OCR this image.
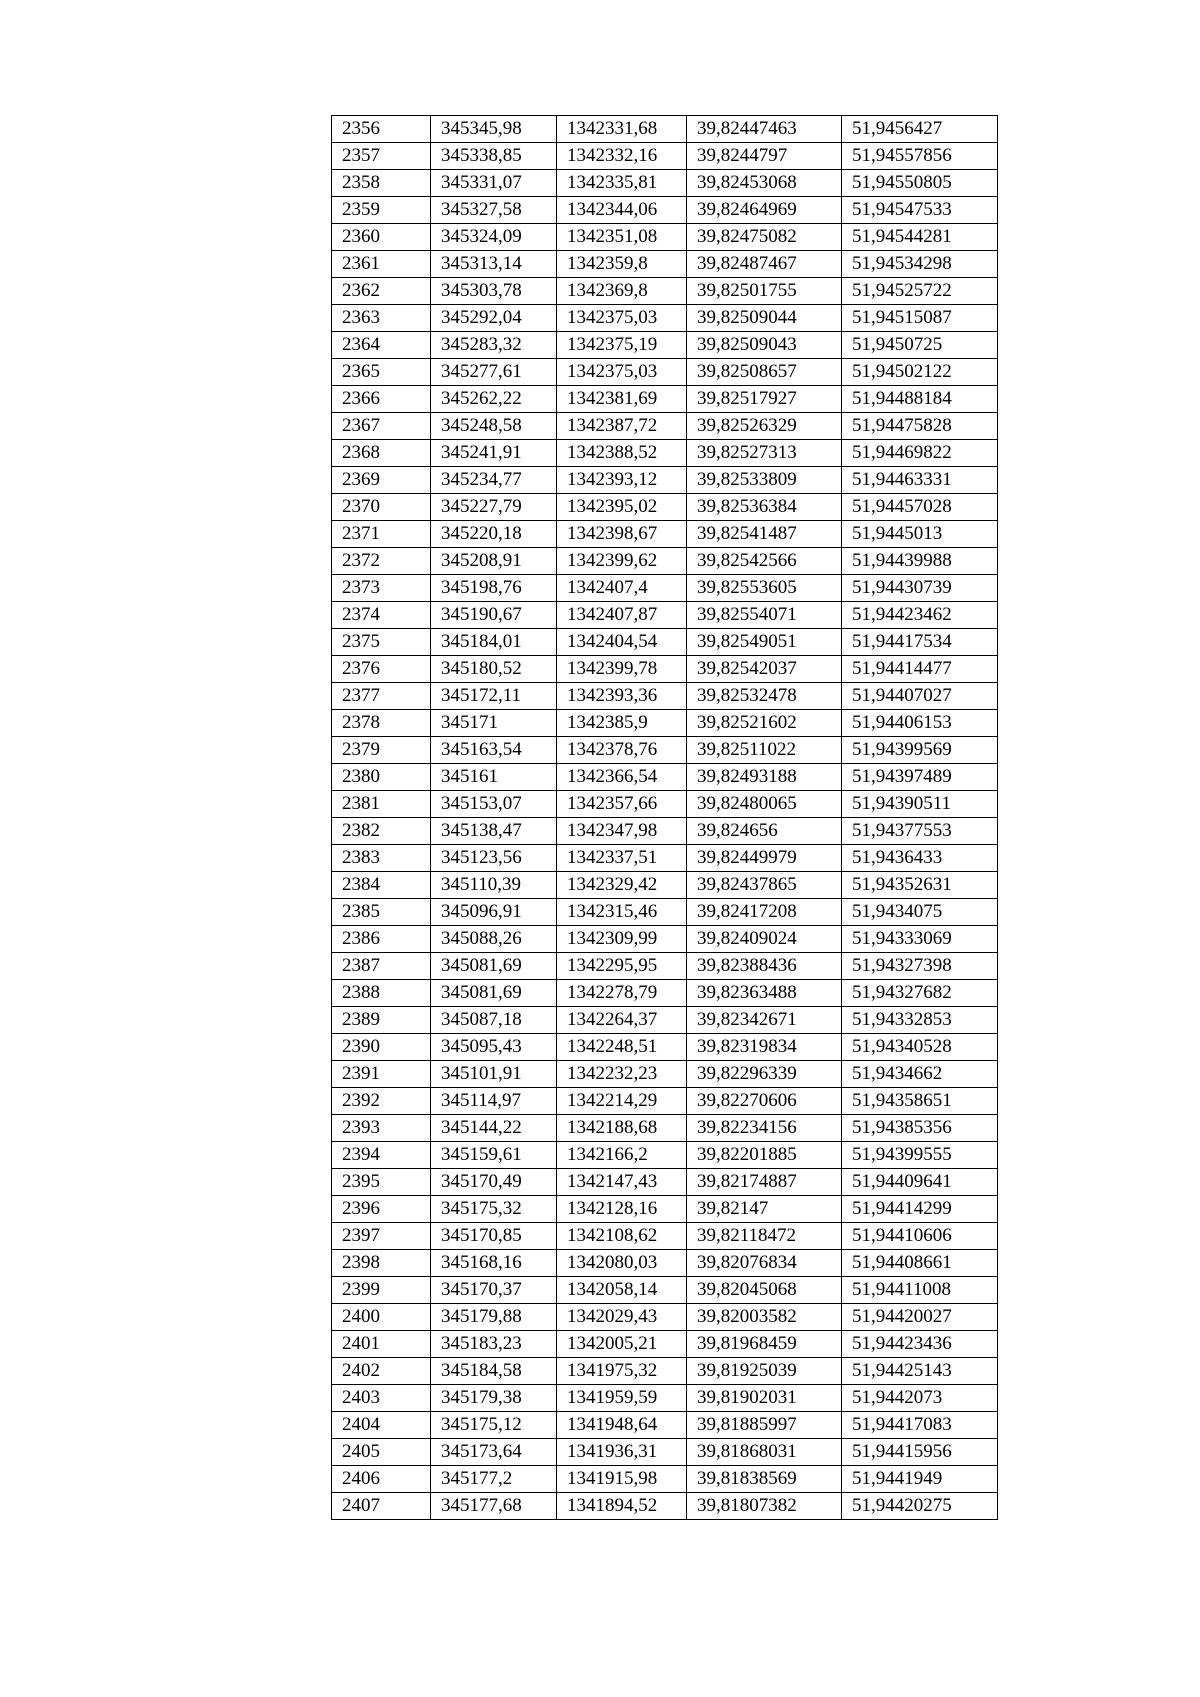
2356	345345,98	1342331,68	39,82447463	51,9456427
2357	345338,85	1342332,16	39,8244797	51,94557856
2358	345331,07	1342335,81	39,82453068	51,94550805
2359	345327,58	1342344,06	39,82464969	51,94547533
2360	345324,09	1342351,08	39,82475082	51,94544281
2361	345313,14	1342359,8	39,82487467	51,94534298
2362	345303,78	1342369,8	39,82501755	51,94525722
2363	345292,04	1342375,03	39,82509044	51,94515087
2364	345283,32	1342375,19	39,82509043	51,9450725
2365	345277,61	1342375,03	39,82508657	51,94502122
2366	345262,22	1342381,69	39,82517927	51,94488184
2367	345248,58	1342387,72	39,82526329	51,94475828
2368	345241,91	1342388,52	39,82527313	51,94469822
2369	345234,77	1342393,12	39,82533809	51,94463331
2370	345227,79	1342395,02	39,82536384	51,94457028
2371	345220,18	1342398,67	39,82541487	51,9445013
2372	345208,91	1342399,62	39,82542566	51,94439988
2373	345198,76	1342407,4	39,82553605	51,94430739
2374	345190,67	1342407,87	39,82554071	51,94423462
2375	345184,01	1342404,54	39,82549051	51,94417534
2376	345180,52	1342399,78	39,82542037	51,94414477
2377	345172,11	1342393,36	39,82532478	51,94407027
2378	345171	1342385,9	39,82521602	51,94406153
2379	345163,54	1342378,76	39,82511022	51,94399569
2380	345161	1342366,54	39,82493188	51,94397489
2381	345153,07	1342357,66	39,82480065	51,94390511
2382	345138,47	1342347,98	39,824656	51,94377553
2383	345123,56	1342337,51	39,82449979	51,9436433
2384	345110,39	1342329,42	39,82437865	51,94352631
2385	345096,91	1342315,46	39,82417208	51,9434075
2386	345088,26	1342309,99	39,82409024	51,94333069
2387	345081,69	1342295,95	39,82388436	51,94327398
2388	345081,69	1342278,79	39,82363488	51,94327682
2389	345087,18	1342264,37	39,82342671	51,94332853
2390	345095,43	1342248,51	39,82319834	51,94340528
2391	345101,91	1342232,23	39,82296339	51,9434662
2392	345114,97	1342214,29	39,82270606	51,94358651
2393	345144,22	1342188,68	39,82234156	51,94385356
2394	345159,61	1342166,2	39,82201885	51,94399555
2395	345170,49	1342147,43	39,82174887	51,94409641
2396	345175,32	1342128,16	39,82147	51,94414299
2397	345170,85	1342108,62	39,82118472	51,94410606
2398	345168,16	1342080,03	39,82076834	51,94408661
2399	345170,37	1342058,14	39,82045068	51,94411008
2400	345179,88	1342029,43	39,82003582	51,94420027
2401	345183,23	1342005,21	39,81968459	51,94423436
2402	345184,58	1341975,32	39,81925039	51,94425143
2403	345179,38	1341959,59	39,81902031	51,9442073
2404	345175,12	1341948,64	39,81885997	51,94417083
2405	345173,64	1341936,31	39,81868031	51,94415956
2406	345177,2	1341915,98	39,81838569	51,9441949
2407	345177,68	1341894,52	39,81807382	51,94420275
